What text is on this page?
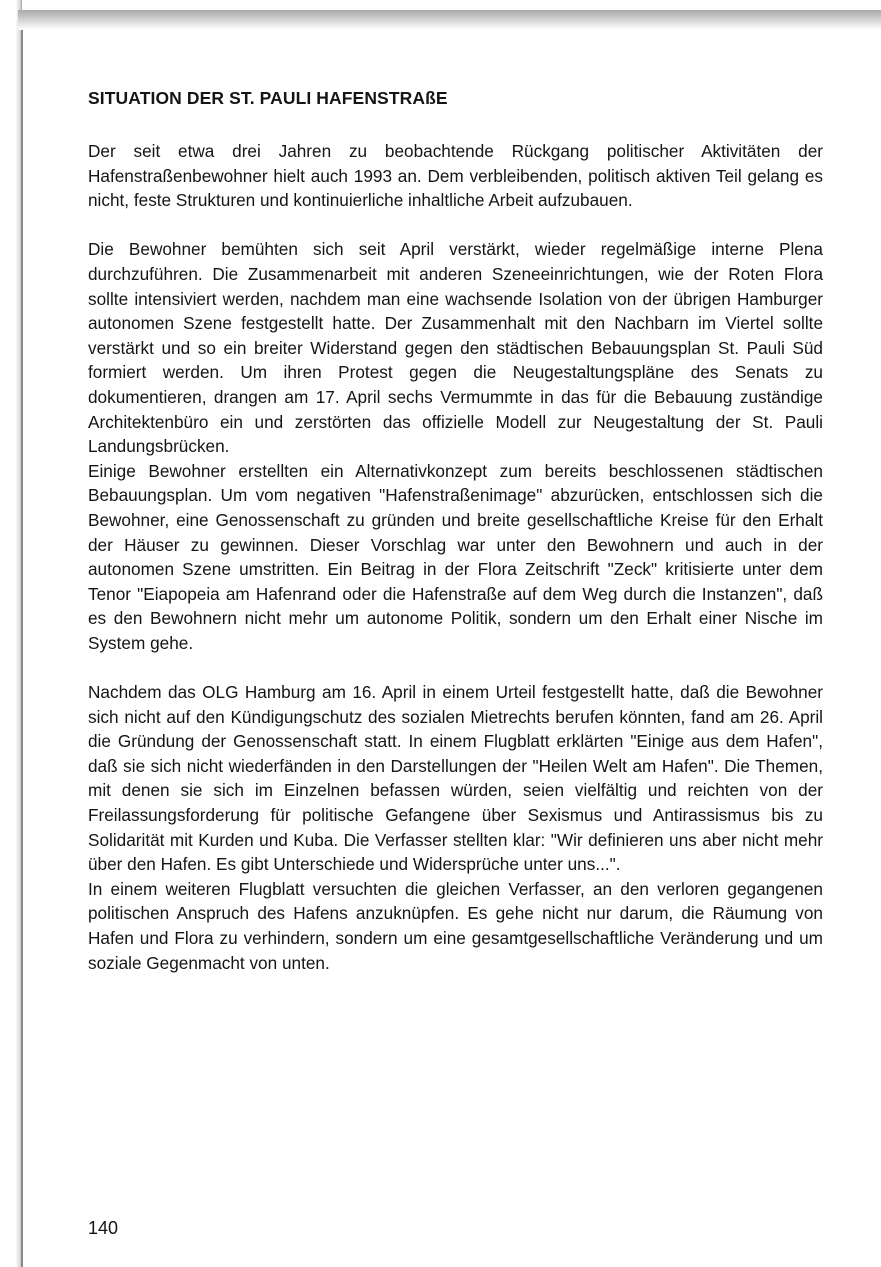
SITUATION DER ST. PAULI HAFENSTRAßE

Der seit etwa drei Jahren zu beobachtende Rückgang politischer Aktivitäten der Hafenstraßenbewohner hielt auch 1993 an. Dem verbleibenden, politisch aktiven Teil gelang es nicht, feste Strukturen und kontinuierliche inhaltliche Arbeit aufzubauen.

Die Bewohner bemühten sich seit April verstärkt, wieder regelmäßige interne Plena durchzuführen. Die Zusammenarbeit mit anderen Szeneeinrichtungen, wie der Roten Flora sollte intensiviert werden, nachdem man eine wachsende Isolation von der übrigen Hamburger autonomen Szene festgestellt hatte. Der Zusammenhalt mit den Nachbarn im Viertel sollte verstärkt und so ein breiter Widerstand gegen den städtischen Bebauungsplan St. Pauli Süd formiert werden. Um ihren Protest gegen die Neugestaltungspläne des Senats zu dokumentieren, drangen am 17. April sechs Vermummte in das für die Bebauung zuständige Architektenbüro ein und zerstörten das offizielle Modell zur Neugestaltung der St. Pauli Landungsbrücken.

Einige Bewohner erstellten ein Alternativkonzept zum bereits beschlossenen städtischen Bebauungsplan. Um vom negativen "Hafenstraßenimage" abzurücken, entschlossen sich die Bewohner, eine Genossenschaft zu gründen und breite gesellschaftliche Kreise für den Erhalt der Häuser zu gewinnen. Dieser Vorschlag war unter den Bewohnern und auch in der autonomen Szene umstritten. Ein Beitrag in der Flora Zeitschrift "Zeck" kritisierte unter dem Tenor "Eiapopeia am Hafenrand oder die Hafenstraße auf dem Weg durch die Instanzen", daß es den Bewohnern nicht mehr um autonome Politik, sondern um den Erhalt einer Nische im System gehe.

Nachdem das OLG Hamburg am 16. April in einem Urteil festgestellt hatte, daß die Bewohner sich nicht auf den Kündigungschutz des sozialen Mietrechts berufen könnten, fand am 26. April die Gründung der Genossenschaft statt. In einem Flugblatt erklärten "Einige aus dem Hafen", daß sie sich nicht wiederfänden in den Darstellungen der "Heilen Welt am Hafen". Die Themen, mit denen sie sich im Einzelnen befassen würden, seien vielfältig und reichten von der Freilassungsforderung für politische Gefangene über Sexismus und Antirassismus bis zu Solidarität mit Kurden und Kuba. Die Verfasser stellten klar: "Wir definieren uns aber nicht mehr über den Hafen. Es gibt Unterschiede und Widersprüche unter uns...".

In einem weiteren Flugblatt versuchten die gleichen Verfasser, an den verloren gegangenen politischen Anspruch des Hafens anzuknüpfen. Es gehe nicht nur darum, die Räumung von Hafen und Flora zu verhindern, sondern um eine gesamtgesellschaftliche Veränderung und um soziale Gegenmacht von unten.

140
